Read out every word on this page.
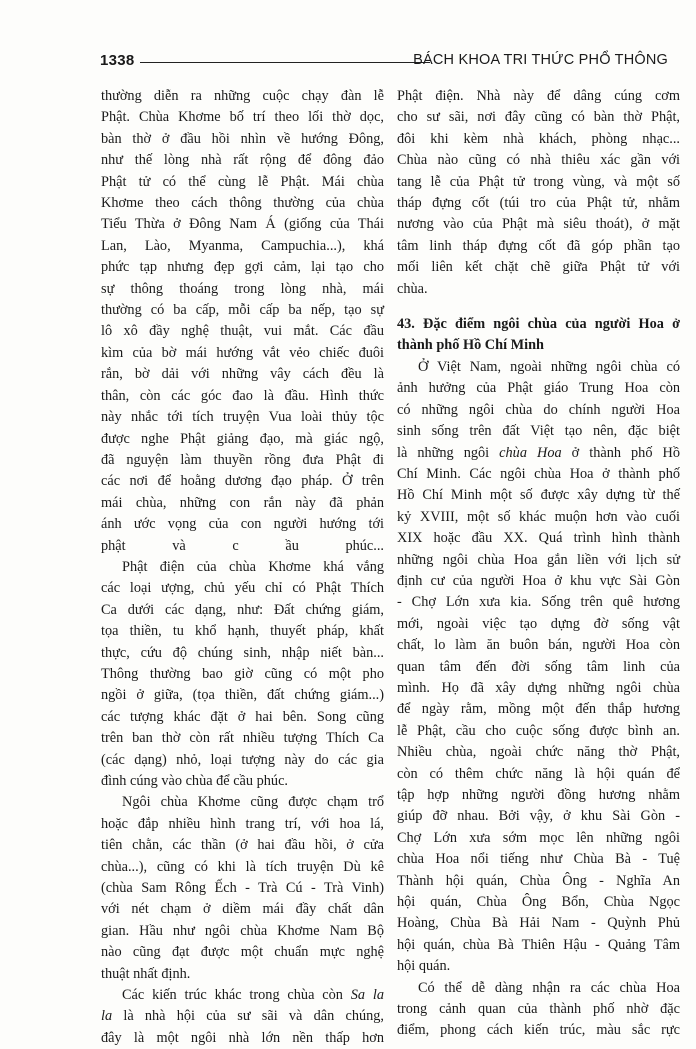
1338	BÁCH KHOA TRI THỨC PHỔ THÔNG

thường diễn ra những cuộc chạy đàn lễ
Phật. Chùa Khơme bố trí theo lối thờ dọc,
bàn thờ ở đầu hồi nhìn về hướng Đông,
như thế lòng nhà rất rộng để đông đảo
Phật tử có thể cùng lễ Phật. Mái chùa
Khơme theo cách thông thường của chùa
Tiểu Thừa ở Đông Nam Á (giống của Thái
Lan, Lào, Myanma, Campuchia...), khá
phức tạp nhưng đẹp gợi cảm, lại tạo cho
sự thông thoáng trong lòng nhà, mái
thường có ba cấp, mỗi cấp ba nếp, tạo sự
lô xô đầy nghệ thuật, vui mắt. Các đầu
kìm của bờ mái hướng vắt vẻo chiếc đuôi
rắn, bờ dải với những vây cách đều là
thân, còn các góc đao là đầu. Hình thức
này nhắc tới tích truyện Vua loài thủy tộc
được nghe Phật giảng đạo, mà giác ngộ,
đã nguyện làm thuyền rồng đưa Phật đi
các nơi để hoằng dương đạo pháp. Ở trên
mái chùa, những con rắn này đã phản
ánh ước vọng của con người hướng tới
phật và c ầu phúc...

Phật điện của chùa Khơme khá vắng
các loại ượng, chủ yếu chỉ có Phật Thích
Ca dưới các dạng, như: Đất chứng giám,
tọa thiền, tu khổ hạnh, thuyết pháp, khất
thực, cứu độ chúng sinh, nhập niết bàn...
Thông thường bao giờ cũng có một pho
ngồi ở giữa, (tọa thiền, đất chứng giám...)
các tượng khác đặt ở hai bên. Song cũng
trên ban thờ còn rất nhiều tượng Thích Ca
(các dạng) nhỏ, loại tượng này do các gia
đình cúng vào chùa để cầu phúc.

Ngôi chùa Khơme cũng được chạm trổ
hoặc đắp nhiều hình trang trí, với hoa lá,
tiên chằn, các thần (ở hai đầu hồi, ở cửa
chùa...), cũng có khi là tích truyện Dù kê
(chùa Sam Rông Ếch - Trà Cú - Trà Vinh)
với nét chạm ở diềm mái đầy chất dân
gian. Hầu như ngôi chùa Khơme Nam Bộ
nào cũng đạt được một chuẩn mực nghệ
thuật nhất định.

Các kiến trúc khác trong chùa còn Sa la
la là nhà hội của sư sãi và dân chúng,
đây là một ngôi nhà lớn nền thấp hơn

Phật điện. Nhà này để dâng cúng cơm
cho sư sãi, nơi đây cũng có bàn thờ Phật,
đôi khi kèm nhà khách, phòng nhạc...
Chùa nào cũng có nhà thiêu xác gần với
tang lễ của Phật tử trong vùng, và một số
tháp đựng cốt (túi tro của Phật tử, nhằm
nương vào của Phật mà siêu thoát), ở mặt
tâm linh tháp đựng cốt đã góp phần tạo
mối liên kết chặt chẽ giữa Phật tử với
chùa.

43. Đặc điểm ngôi chùa của người Hoa ở
thành phố Hồ Chí Minh

Ở Việt Nam, ngoài những ngôi chùa có
ảnh hưởng của Phật giáo Trung Hoa còn
có những ngôi chùa do chính người Hoa
sinh sống trên đất Việt tạo nên, đặc biệt
là những ngôi chùa Hoa ở thành phố Hồ
Chí Minh. Các ngôi chùa Hoa ở thành phố
Hồ Chí Minh một số được xây dựng từ thế
kỷ XVIII, một số khác muộn hơn vào cuối
XIX hoặc đầu XX. Quá trình hình thành
những ngôi chùa Hoa gắn liền với lịch sử
định cư của người Hoa ở khu vực Sài Gòn
- Chợ Lớn xưa kia. Sống trên quê hương
mới, ngoài việc tạo dựng đờ sống vật
chất, lo làm ăn buôn bán, người Hoa còn
quan tâm đến đời sống tâm linh của
mình. Họ đã xây dựng những ngôi chùa
để ngày rằm, mồng một đến thắp hương
lễ Phật, cầu cho cuộc sống được bình an.
Nhiều chùa, ngoài chức năng thờ Phật,
còn có thêm chức năng là hội quán để
tập hợp những người đồng hương nhằm
giúp đỡ nhau. Bởi vậy, ở khu Sài Gòn -
Chợ Lớn xưa sớm mọc lên những ngôi
chùa Hoa nổi tiếng như Chùa Bà - Tuệ
Thành hội quán, Chùa Ông - Nghĩa An
hội quán, Chùa Ông Bổn, Chùa Ngọc
Hoàng, Chùa Bà Hải Nam - Quỳnh Phủ
hội quán, chùa Bà Thiên Hậu - Quảng Tâm
hội quán.

Có thể dễ dàng nhận ra các chùa Hoa
trong cảnh quan của thành phố nhờ đặc
điểm, phong cách kiến trúc, màu sắc rực
